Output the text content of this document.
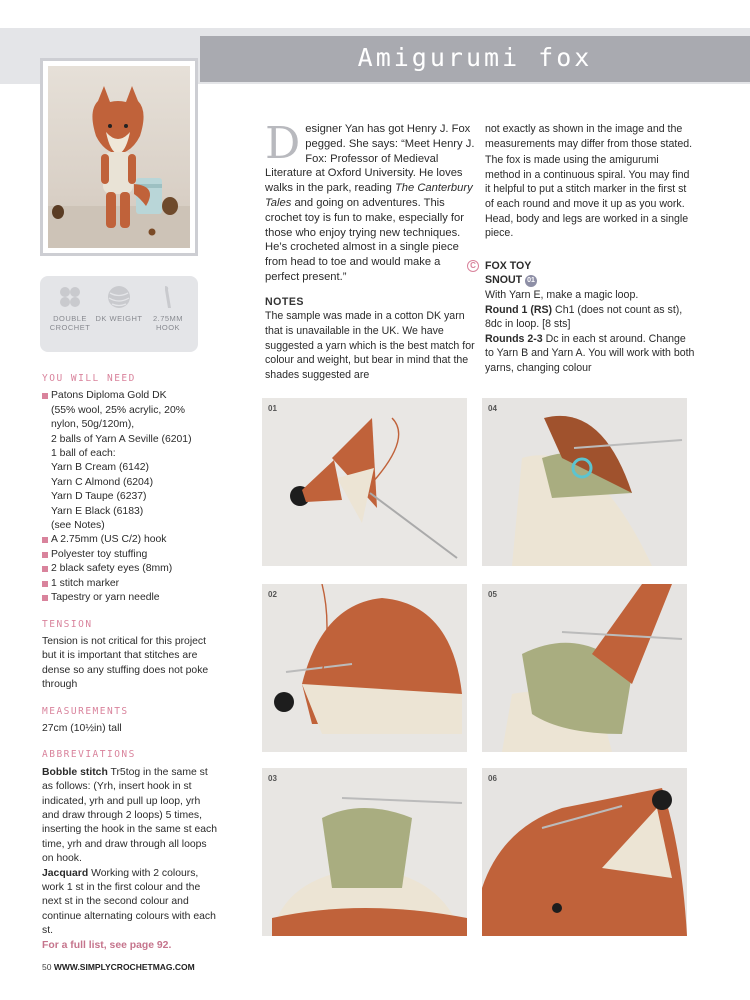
Amigurumi fox
DOUBLE CROCHET
DK WEIGHT	2.75MM HOOK
YOU WILL NEED
Patons Diploma Gold DK
(55% wool, 25% acrylic, 20%
nylon, 50g/120m),
2 balls of Yarn A Seville (6201)
1 ball of each:
Yarn B Cream (6142)
Yarn C Almond (6204)
Yarn D Taupe (6237)
Yarn E Black (6183)
(see Notes)
A 2.75mm (US C/2) hook
Polyester toy stuffing
2 black safety eyes (8mm)
1 stitch marker
Tapestry or yarn needle
TENSION
Tension is not critical for this project but it is important that stitches are dense so any stuffing does not poke through
MEASUREMENTS
27cm (10½in) tall
ABBREVIATIONS
Bobble stitch Tr5tog in the same st as follows: (Yrh, insert hook in st indicated, yrh and pull up loop, yrh and draw through 2 loops) 5 times, inserting the hook in the same st each time, yrh and draw through all loops on hook.
Jacquard Working with 2 colours, work 1 st in the first colour and the next st in the second colour and continue alternating colours with each st.
For a full list, see page 92.
Designer Yan has got Henry J. Fox pegged. She says: “Meet Henry J. Fox: Professor of Medieval Literature at Oxford University. He loves walks in the park, reading The Canterbury Tales and going on adventures. This crochet toy is fun to make, especially for those who enjoy trying new techniques. He’s crocheted almost in a single piece from head to toe and would make a perfect present.”
NOTES
The sample was made in a cotton DK yarn that is unavailable in the UK. We have suggested a yarn which is the best match for colour and weight, but bear in mind that the shades suggested are
not exactly as shown in the image and the measurements may differ from those stated.
The fox is made using the amigurumi method in a continuous spiral. You may find it helpful to put a stitch marker in the first st of each round and move it up as you work. Head, body and legs are worked in a single piece.
C FOX TOY
SNOUT 01
With Yarn E, make a magic loop.
Round 1 (RS) Ch1 (does not count as st), 8dc in loop. [8 sts]
Rounds 2-3 Dc in each st around. Change to Yarn B and Yarn A. You will work with both yarns, changing colour
01	04
02	05
03	06
50 WWW.SIMPLYCROCHETMAG.COM
